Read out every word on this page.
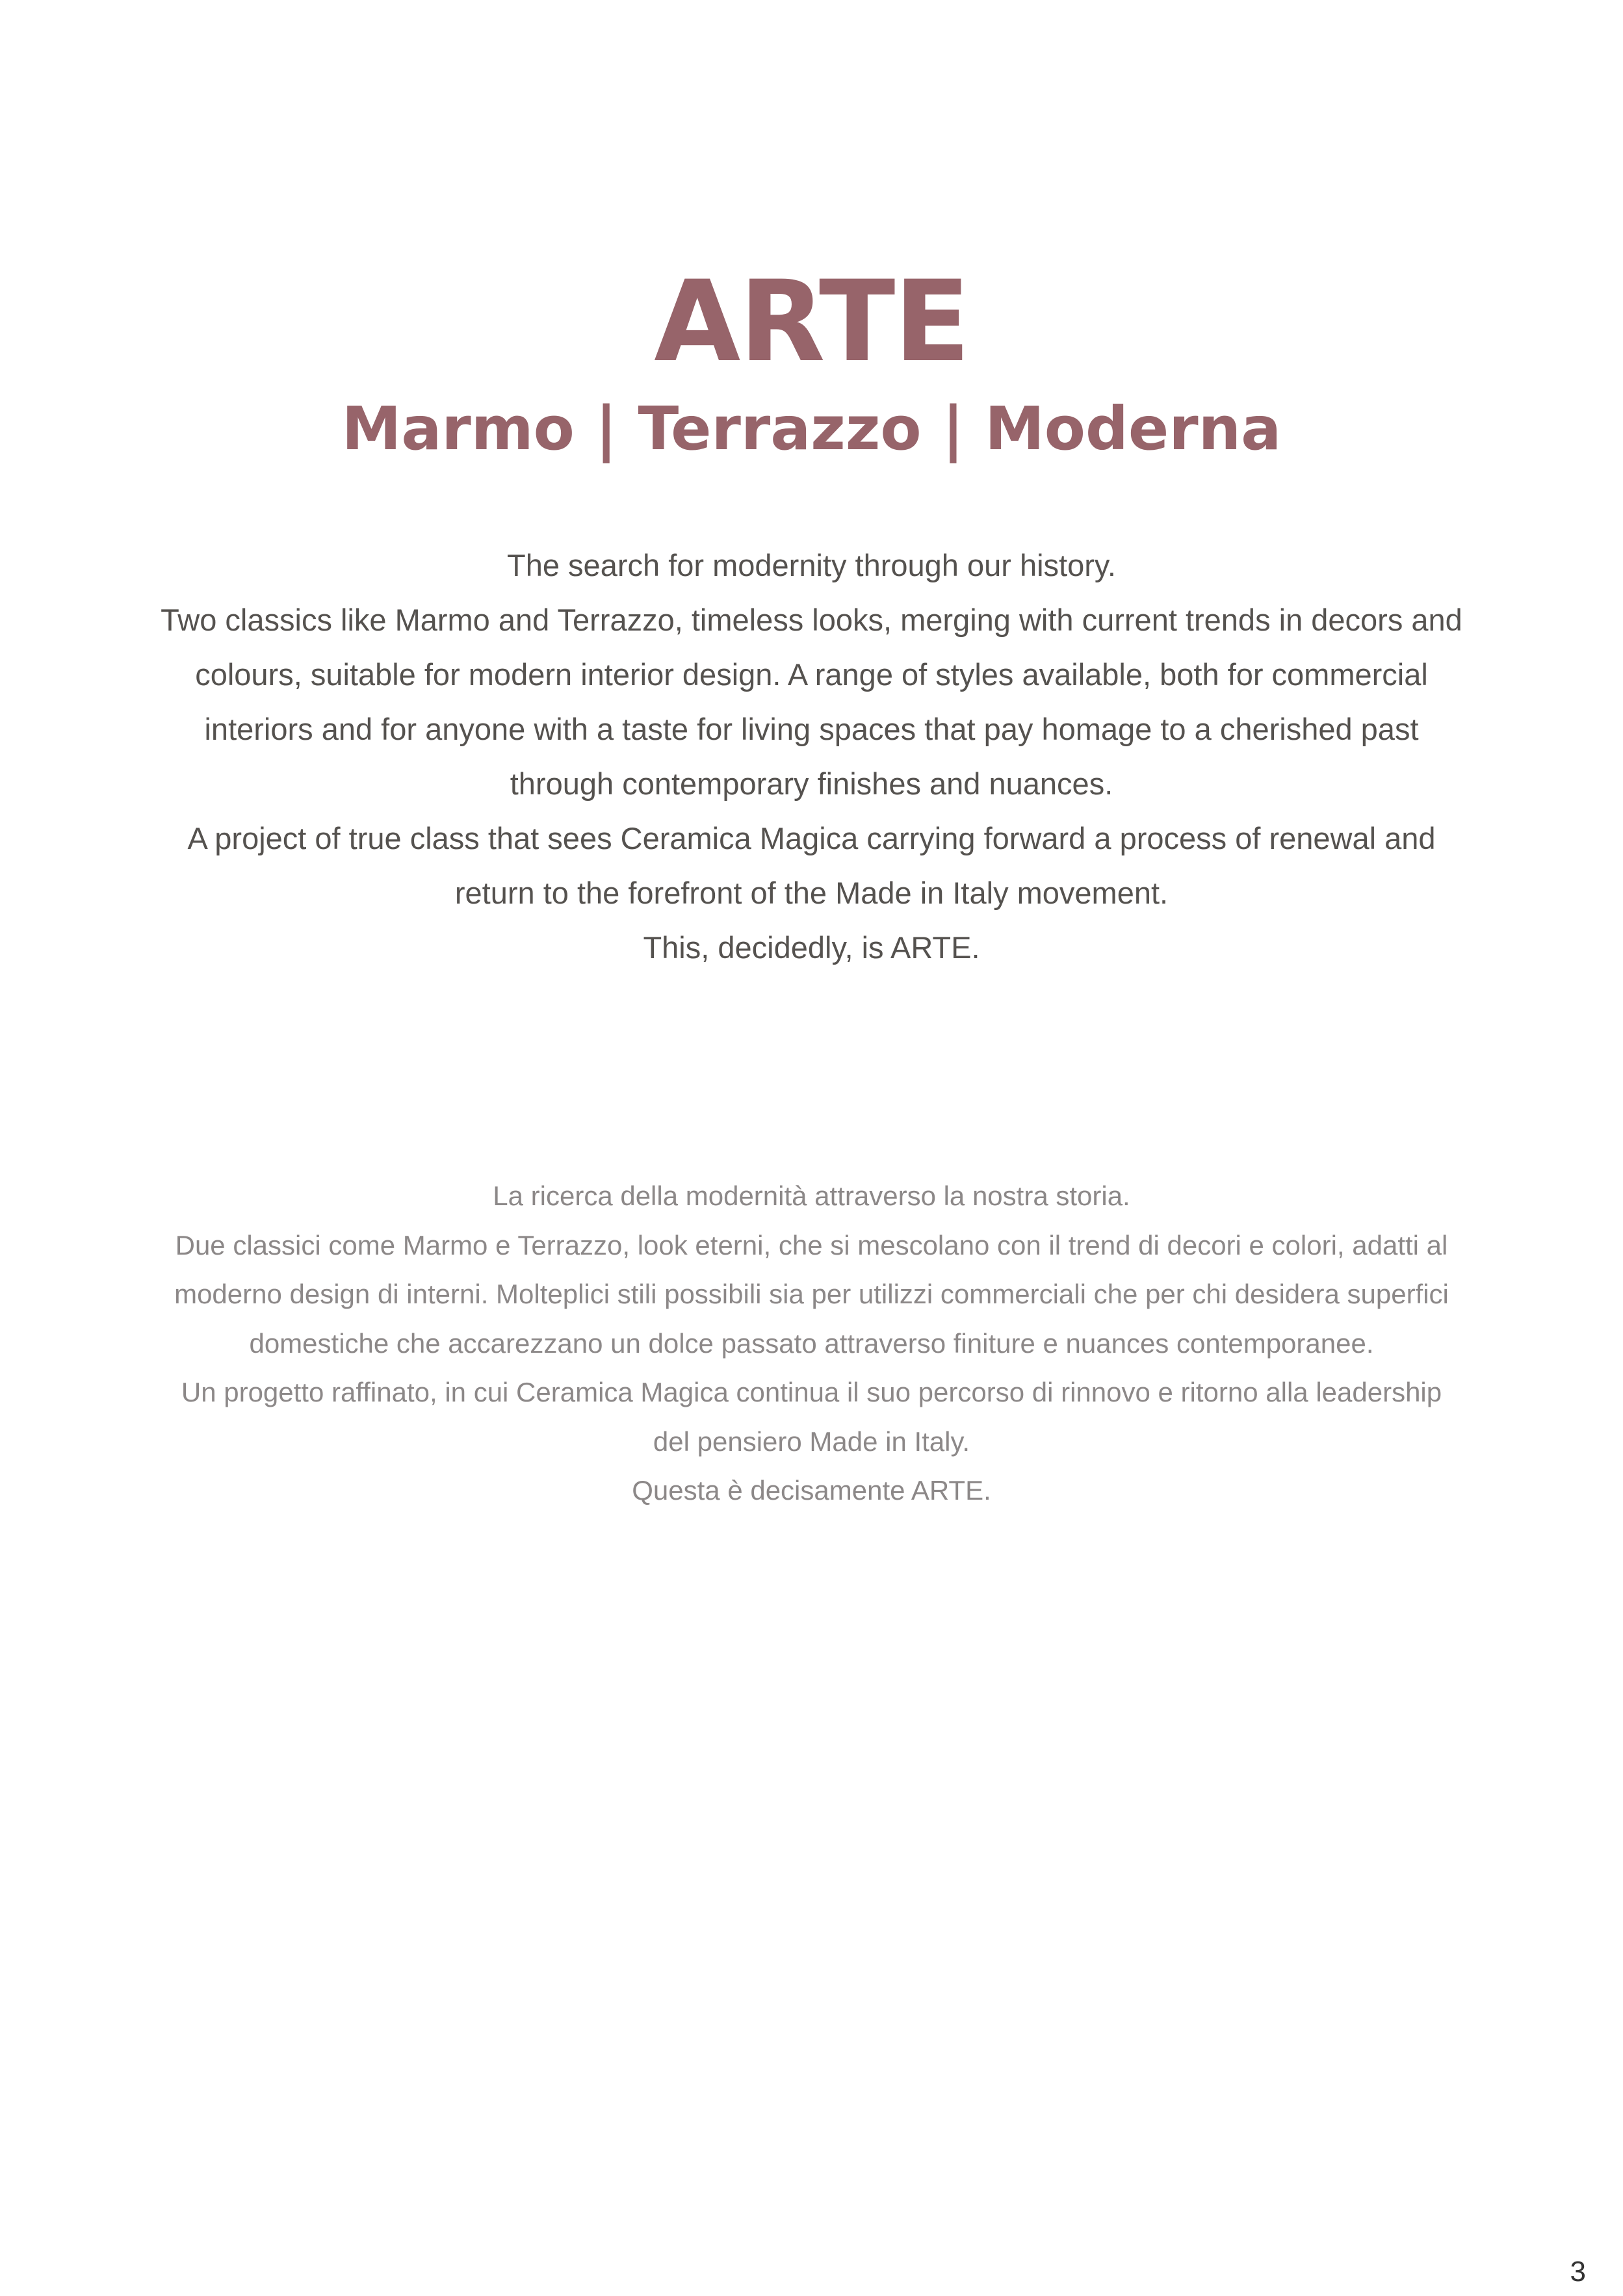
ARTE
Marmo | Terrazzo | Moderna

The search for modernity through our history.

Two classics like Marmo and Terrazzo, timeless looks, merging with current trends in decors and

colours, suitable for modern interior design. A range of styles available, both for commercial

interiors and for anyone with a taste for living spaces that pay homage to a cherished past

through contemporary finishes and nuances.

A project of true class that sees Ceramica Magica carrying forward a process of renewal and

return to the forefront of the Made in Italy movement.

This, decidedly, is ARTE.

La ricerca della modernità attraverso la nostra storia.

Due classici come Marmo e Terrazzo, look eterni, che si mescolano con il trend di decori e colori, adatti al

moderno design di interni. Molteplici stili possibili sia per utilizzi commerciali che per chi desidera superfici

domestiche che accarezzano un dolce passato attraverso finiture e nuances contemporanee.

Un progetto raffinato, in cui Ceramica Magica continua il suo percorso di rinnovo e ritorno alla leadership

del pensiero Made in Italy.

Questa è decisamente ARTE.

3
